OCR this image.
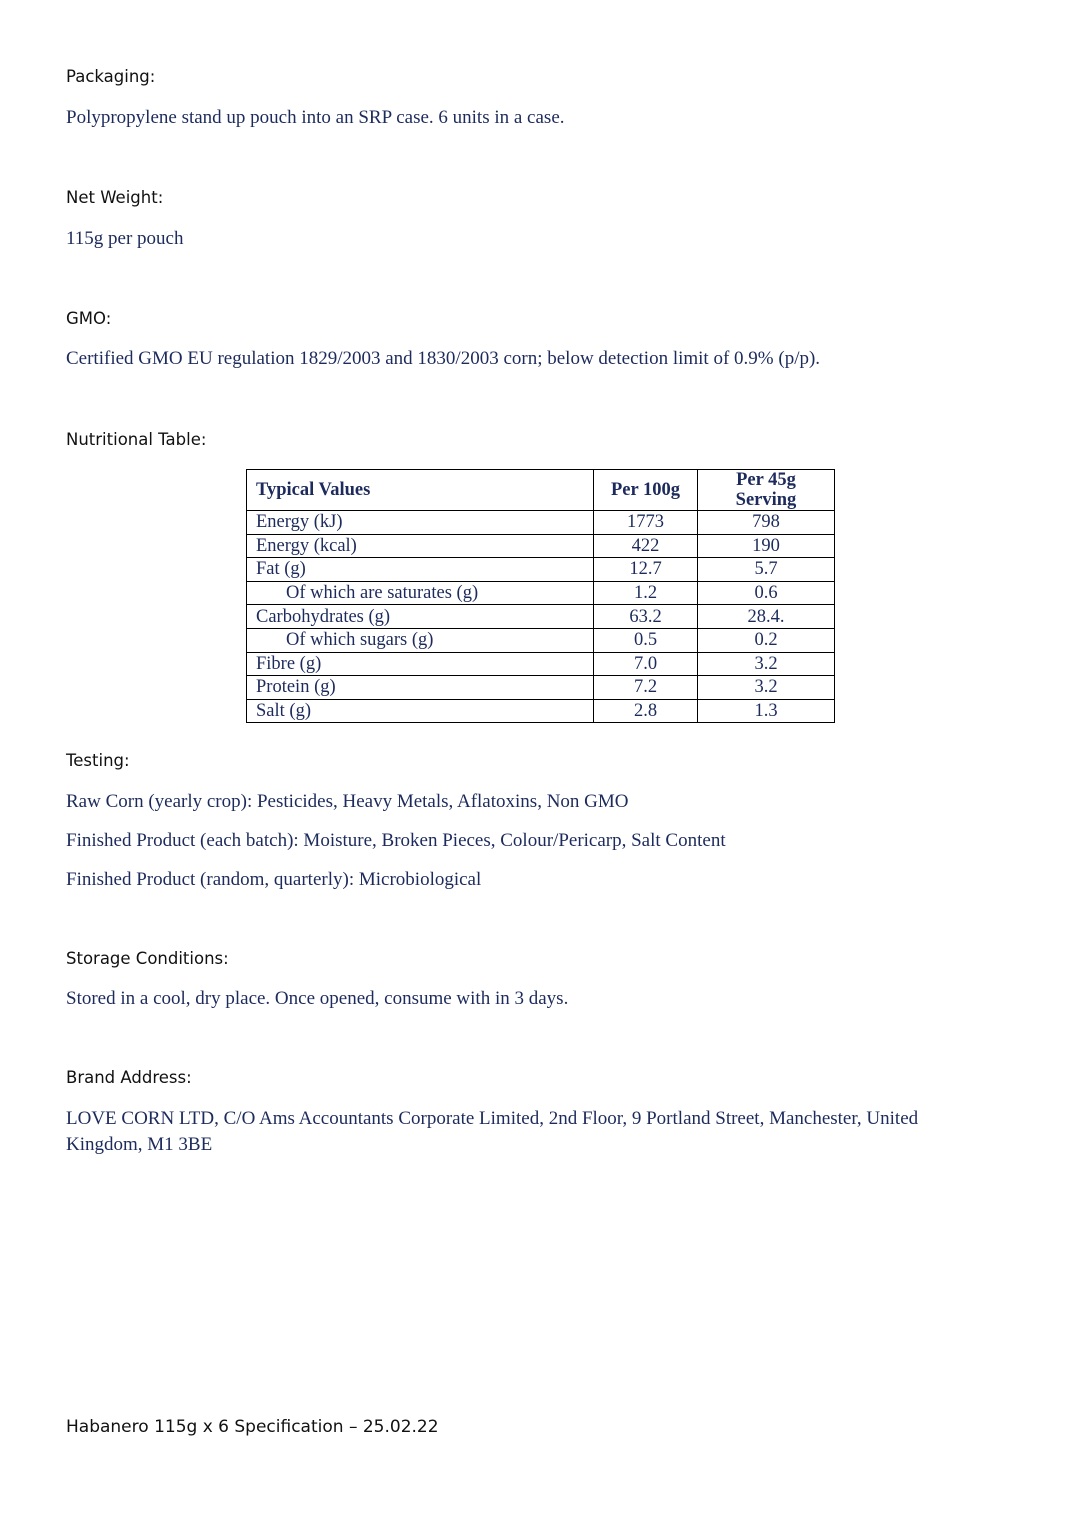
Packaging:
Polypropylene stand up pouch into an SRP case. 6 units in a case.
Net Weight:
115g per pouch
GMO:
Certified GMO EU regulation 1829/2003 and 1830/2003 corn; below detection limit of 0.9% (p/p).
Nutritional Table:
Typical Values	Per 100g	Per 45g Serving
Energy (kJ)	1773	798
Energy (kcal)	422	190
Fat (g)	12.7	5.7
Of which are saturates (g)	1.2	0.6
Carbohydrates (g)	63.2	28.4.
Of which sugars (g)	0.5	0.2
Fibre (g)	7.0	3.2
Protein (g)	7.2	3.2
Salt (g)	2.8	1.3
Testing:
Raw Corn (yearly crop): Pesticides, Heavy Metals, Aflatoxins, Non GMO
Finished Product (each batch): Moisture, Broken Pieces, Colour/Pericarp, Salt Content
Finished Product (random, quarterly): Microbiological
Storage Conditions:
Stored in a cool, dry place. Once opened, consume with in 3 days.
Brand Address:
LOVE CORN LTD, C/O Ams Accountants Corporate Limited, 2nd Floor, 9 Portland Street, Manchester, United Kingdom, M1 3BE
Habanero 115g x 6 Specification – 25.02.22
